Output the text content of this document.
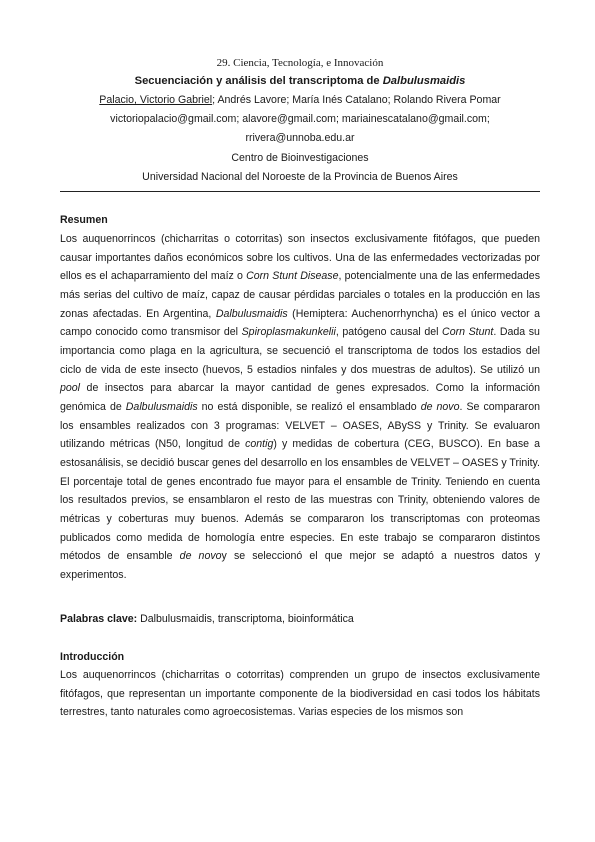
29. Ciencia, Tecnología, e Innovación

Secuenciación y análisis del transcriptoma de Dalbulusmaidis

Palacio, Victorio Gabriel; Andrés Lavore; María Inés Catalano; Rolando Rivera Pomar

victoriopalacio@gmail.com; alavore@gmail.com; mariainescatalano@gmail.com;

rrivera@unnoba.edu.ar

Centro de Bioinvestigaciones

Universidad Nacional del Noroeste de la Provincia de Buenos Aires

Resumen

Los auquenorrincos (chicharritas o cotorritas) son insectos exclusivamente fitófagos, que pueden causar importantes daños económicos sobre los cultivos. Una de las enfermedades vectorizadas por ellos es el achaparramiento del maíz o Corn Stunt Disease, potencialmente una de las enfermedades más serias del cultivo de maíz, capaz de causar pérdidas parciales o totales en la producción en las zonas afectadas. En Argentina, Dalbulusmaidis (Hemiptera: Auchenorrhyncha) es el único vector a campo conocido como transmisor del Spiroplasmakunkelii, patógeno causal del Corn Stunt. Dada su importancia como plaga en la agricultura, se secuenció el transcriptoma de todos los estadios del ciclo de vida de este insecto (huevos, 5 estadios ninfales y dos muestras de adultos). Se utilizó un pool de insectos para abarcar la mayor cantidad de genes expresados. Como la información genómica de Dalbulusmaidis no está disponible, se realizó el ensamblado de novo. Se compararon los ensambles realizados con 3 programas: VELVET – OASES, ABySS y Trinity. Se evaluaron utilizando métricas (N50, longitud de contig) y medidas de cobertura (CEG, BUSCO). En base a estosanálisis, se decidió buscar genes del desarrollo en los ensambles de VELVET – OASES y Trinity. El porcentaje total de genes encontrado fue mayor para el ensamble de Trinity. Teniendo en cuenta los resultados previos, se ensamblaron el resto de las muestras con Trinity, obteniendo valores de métricas y coberturas muy buenos. Además se compararon los transcriptomas con proteomas publicados como medida de homología entre especies. En este trabajo se compararon distintos métodos de ensamble de novoy se seleccionó el que mejor se adaptó a nuestros datos y experimentos.

Palabras clave: Dalbulusmaidis, transcriptoma, bioinformática

Introducción

Los auquenorrincos (chicharritas o cotorritas) comprenden un grupo de insectos exclusivamente fitófagos, que representan un importante componente de la biodiversidad en casi todos los hábitats terrestres, tanto naturales como agroecosistemas. Varias especies de los mismos son
